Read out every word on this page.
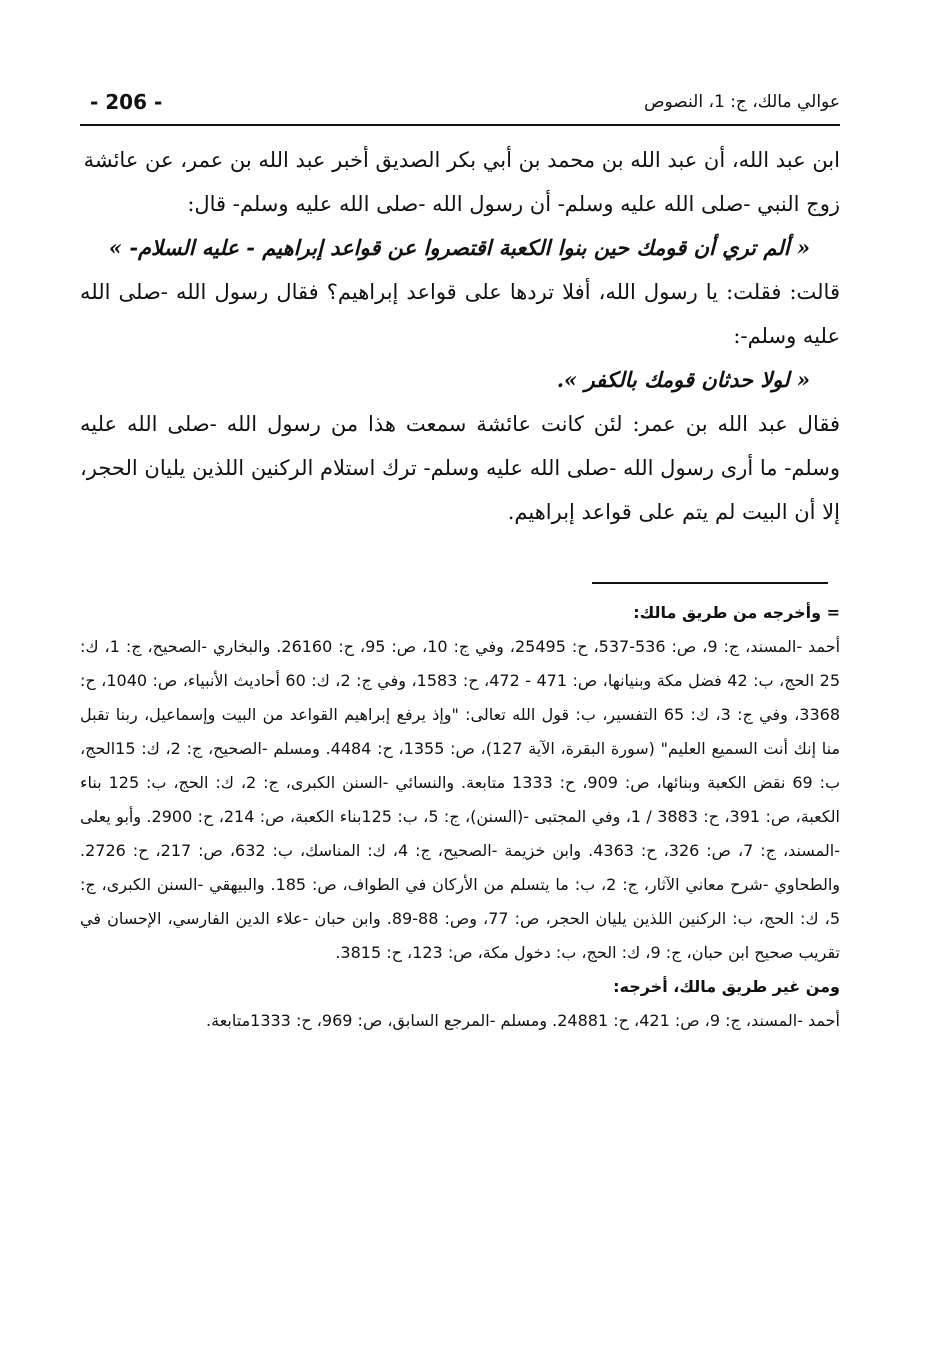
- 206 -	عوالي مالك، ج: 1، النصوص

ابن عبد الله، أن عبد الله بن محمد بن أبي بكر الصديق أخبر عبد الله بن عمر، عن عائشة

زوج النبي -صلى الله عليه وسلم- أن رسول الله -صلى الله عليه وسلم- قال:

« ألم تري أن قومك حين بنوا الكعبة اقتصروا عن قواعد إبراهيم - عليه السلام- »

قالت: فقلت: يا رسول الله، أفلا تردها على قواعد إبراهيم؟ فقال رسول الله -صلى الله عليه وسلم-:

« لولا حدثان قومك بالكفر ».

فقال عبد الله بن عمر: لئن كانت عائشة سمعت هذا من رسول الله -صلى الله عليه وسلم- ما أرى رسول الله -صلى الله عليه وسلم- ترك استلام الركنين اللذين يليان الحجر، إلا أن البيت لم يتم على قواعد إبراهيم.

= وأخرجه من طريق مالك:

أحمد -المسند، ج: 9، ص: 536-537، ح: 25495، وفي ج: 10، ص: 95، ح: 26160. والبخاري -الصحيح، ج: 1، ك: 25 الحج، ب: 42 فضل مكة وبنيانها، ص: 471 - 472، ح: 1583، وفي ج: 2، ك: 60 أحاديث الأنبياء، ص: 1040، ح: 3368، وفي ج: 3، ك: 65 التفسير، ب: قول الله تعالى: "وإذ يرفع إبراهيم القواعد من البيت وإسماعيل، ربنا تقبل منا إنك أنت السميع العليم" (سورة البقرة، الآية 127)، ص: 1355، ح: 4484. ومسلم -الصحيح، ج: 2، ك: 15الحج، ب: 69 نقض الكعبة وبنائها، ص: 909، ح: 1333 متابعة. والنسائي -السنن الكبرى، ج: 2، ك: الحج، ب: 125 بناء الكعبة، ص: 391، ح: 3883 / 1، وفي المجتبى -(السنن)، ج: 5، ب: 125بناء الكعبة، ص: 214، ح: 2900. وأبو يعلى -المسند، ج: 7، ص: 326، ح: 4363. وابن خزيمة -الصحيح، ج: 4، ك: المناسك، ب: 632، ص: 217، ح: 2726. والطحاوي -شرح معاني الآثار، ج: 2، ب: ما يتسلم من الأركان في الطواف، ص: 185. والبيهقي -السنن الكبرى، ج: 5، ك: الحج، ب: الركنين اللذين يليان الحجر، ص: 77، وص: 88-89. وابن حبان -علاء الدين الفارسي، الإحسان في تقريب صحيح ابن حبان، ج: 9، ك: الحج، ب: دخول مكة، ص: 123، ح: 3815.

ومن غير طريق مالك، أخرجه:

أحمد -المسند، ج: 9، ص: 421، ح: 24881. ومسلم -المرجع السابق، ص: 969، ح: 1333متابعة.
